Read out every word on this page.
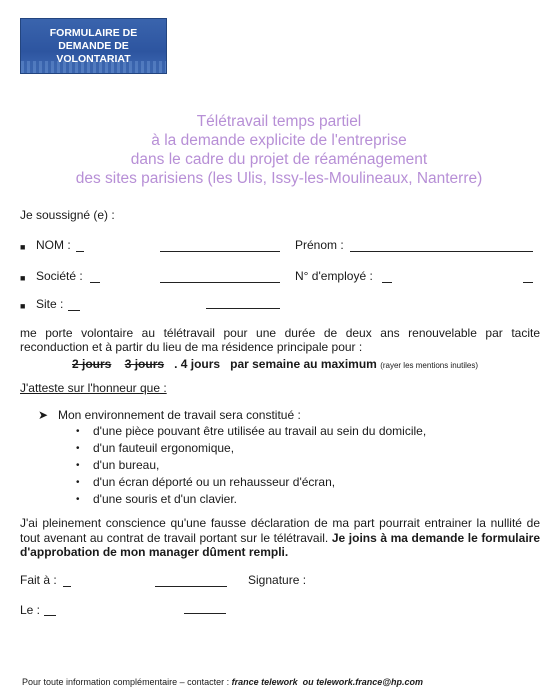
FORMULAIRE DE
DEMANDE DE
VOLONTARIAT
Télétravail temps partiel
à la demande explicite de l'entreprise
dans le cadre du projet de réaménagement
des sites parisiens (les Ulis, Issy-les-Moulineaux, Nanterre)
Je soussigné (e) :
■ NOM :	Prénom :
■ Société :	N° d'employé :
■ Site :
me porte volontaire au télétravail pour une durée de deux ans renouvelable par tacite reconduction et à partir du lieu de ma résidence principale pour :
2 jours 3 jours . 4 jours par semaine au maximum (rayer les mentions inutiles)
J'atteste sur l'honneur que :
➤ Mon environnement de travail sera constitué :
• d'une pièce pouvant être utilisée au travail au sein du domicile,
• d'un fauteuil ergonomique,
• d'un bureau,
• d'un écran déporté ou un rehausseur d'écran,
• d'une souris et d'un clavier.
J'ai pleinement conscience qu'une fausse déclaration de ma part pourrait entrainer la nullité de tout avenant au contrat de travail portant sur le télétravail. Je joins à ma demande le formulaire d'approbation de mon manager dûment rempli.
Fait à :	Signature :
Le :
Pour toute information complémentaire – contacter : france telework ou telework.france@hp.com
